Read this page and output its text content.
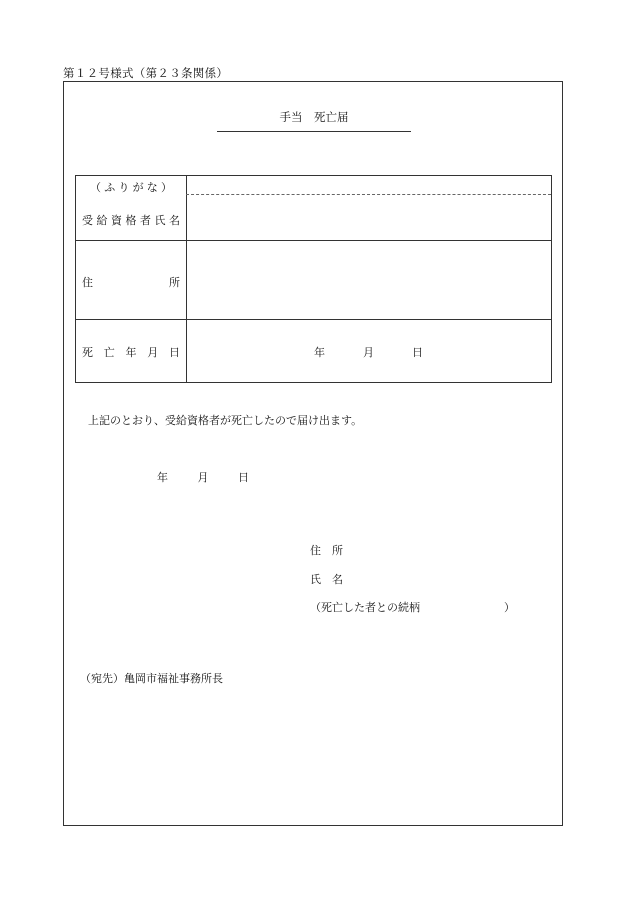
第１２号様式（第２３条関係）
手当　死亡届
（ ふ り が な ）
受 給 資 格 者 氏 名
住	所
死 亡 年 月 日	年	月	日
上記のとおり、受給資格者が死亡したので届け出ます。
年	月	日
住　所
氏　名
（死亡した者との続柄	）
（宛先）亀岡市福祉事務所長
